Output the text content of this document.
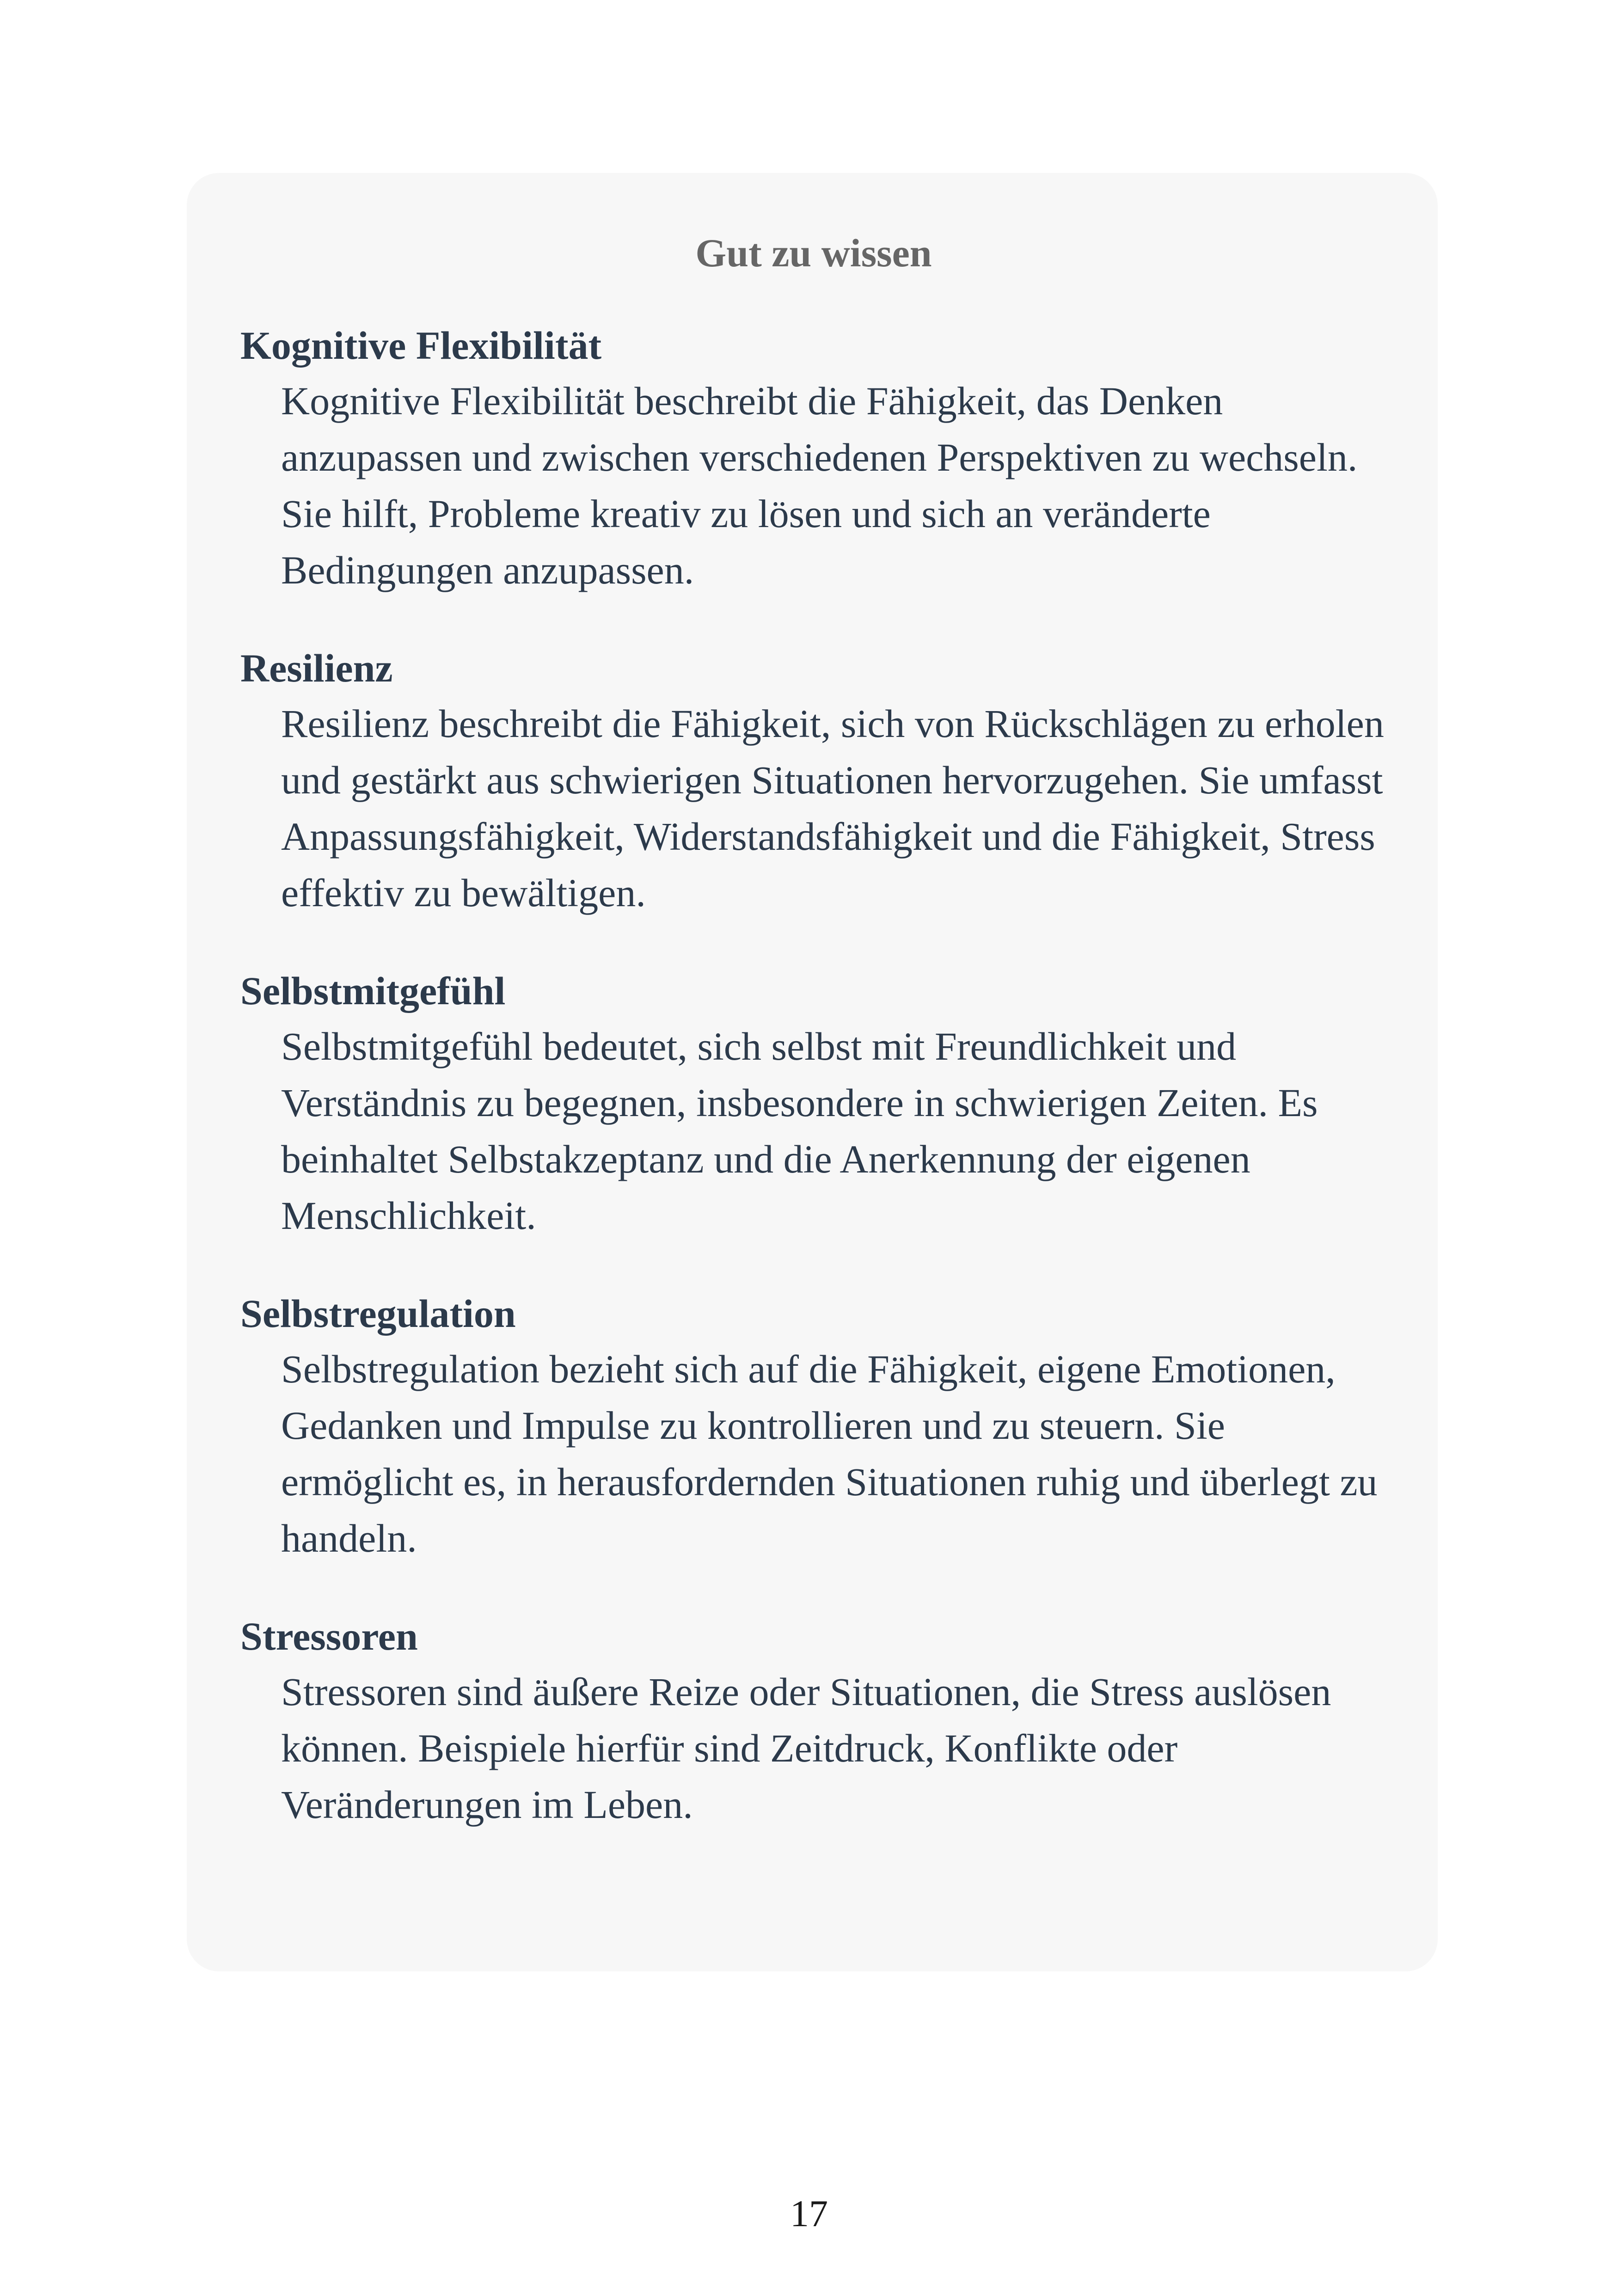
Gut zu wissen
Kognitive Flexibilität
Kognitive Flexibilität beschreibt die Fähigkeit, das Denken anzupassen und zwischen verschiedenen Perspektiven zu wechseln. Sie hilft, Probleme kreativ zu lösen und sich an veränderte Bedingungen anzupassen.
Resilienz
Resilienz beschreibt die Fähigkeit, sich von Rückschlägen zu erholen und gestärkt aus schwierigen Situationen hervorzugehen. Sie umfasst Anpassungsfähigkeit, Widerstandsfähigkeit und die Fähigkeit, Stress effektiv zu bewältigen.
Selbstmitgefühl
Selbstmitgefühl bedeutet, sich selbst mit Freundlichkeit und Verständnis zu begegnen, insbesondere in schwierigen Zeiten. Es beinhaltet Selbstakzeptanz und die Anerkennung der eigenen Menschlichkeit.
Selbstregulation
Selbstregulation bezieht sich auf die Fähigkeit, eigene Emotionen, Gedanken und Impulse zu kontrollieren und zu steuern. Sie ermöglicht es, in herausfordernden Situationen ruhig und überlegt zu handeln.
Stressoren
Stressoren sind äußere Reize oder Situationen, die Stress auslösen können. Beispiele hierfür sind Zeitdruck, Konflikte oder Veränderungen im Leben.
17
